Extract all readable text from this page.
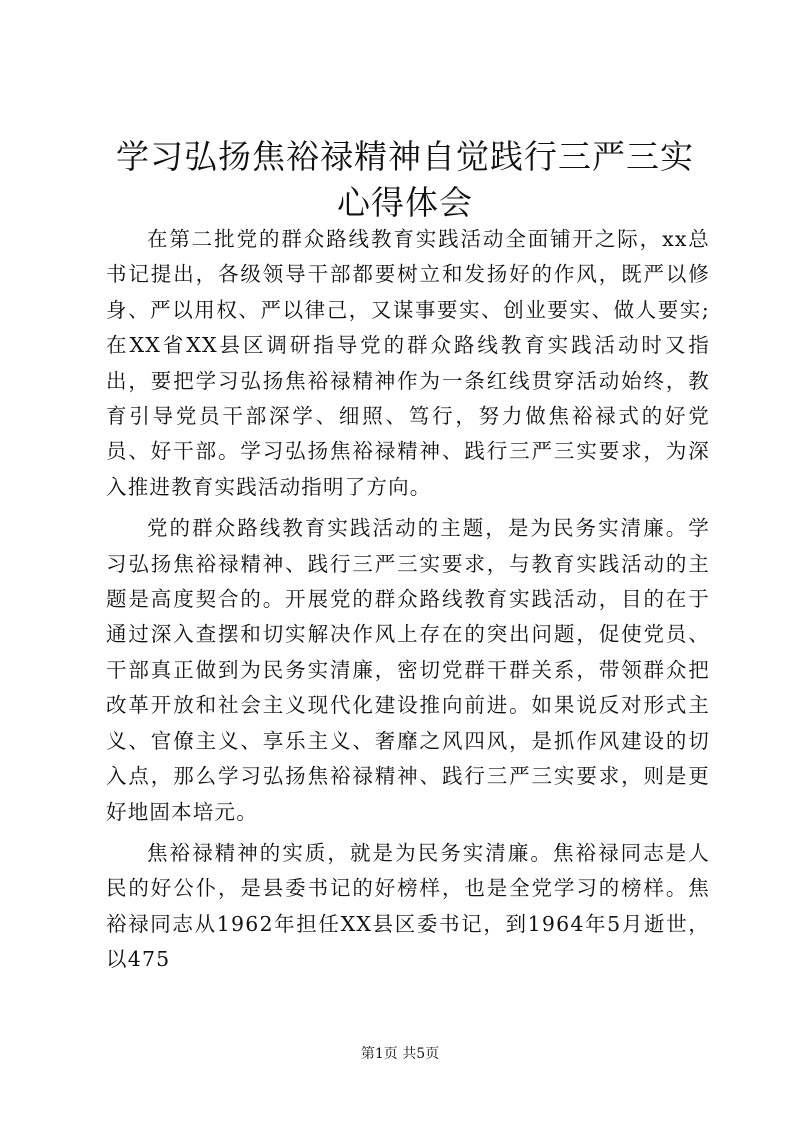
学习弘扬焦裕禄精神自觉践行三严三实心得体会

在第二批党的群众路线教育实践活动全面铺开之际，xx总书记提出，各级领导干部都要树立和发扬好的作风，既严以修身、严以用权、严以律己，又谋事要实、创业要实、做人要实;在XX省XX县区调研指导党的群众路线教育实践活动时又指出，要把学习弘扬焦裕禄精神作为一条红线贯穿活动始终，教育引导党员干部深学、细照、笃行，努力做焦裕禄式的好党员、好干部。学习弘扬焦裕禄精神、践行三严三实要求，为深入推进教育实践活动指明了方向。

党的群众路线教育实践活动的主题，是为民务实清廉。学习弘扬焦裕禄精神、践行三严三实要求，与教育实践活动的主题是高度契合的。开展党的群众路线教育实践活动，目的在于通过深入查摆和切实解决作风上存在的突出问题，促使党员、干部真正做到为民务实清廉，密切党群干群关系，带领群众把改革开放和社会主义现代化建设推向前进。如果说反对形式主义、官僚主义、享乐主义、奢靡之风四风，是抓作风建设的切入点，那么学习弘扬焦裕禄精神、践行三严三实要求，则是更好地固本培元。

焦裕禄精神的实质，就是为民务实清廉。焦裕禄同志是人民的好公仆，是县委书记的好榜样，也是全党学习的榜样。焦裕禄同志从1962年担任XX县区委书记，到1964年5月逝世，以475

第1页 共5页
